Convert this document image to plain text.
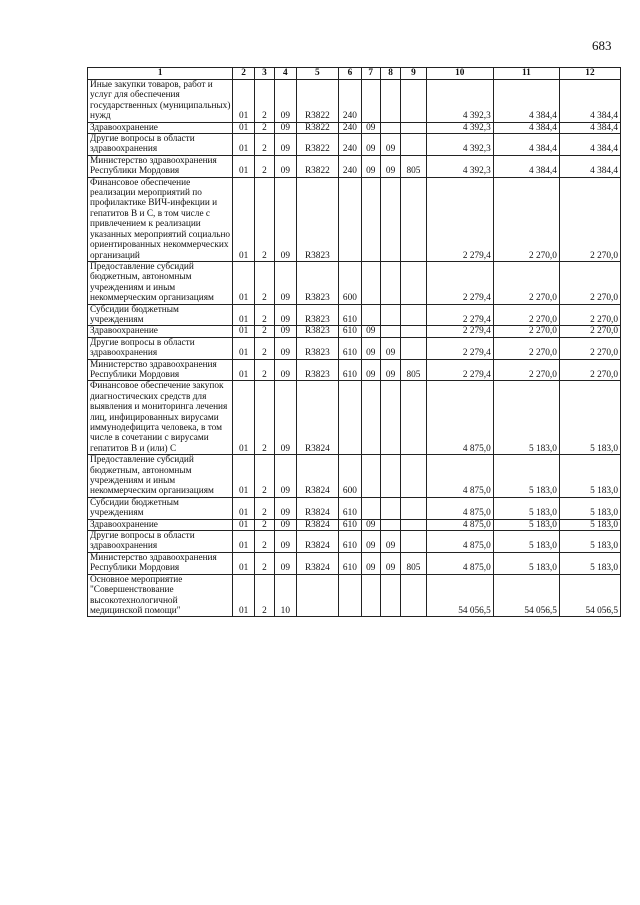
683
1	2	3	4	5	6	7	8	9	10	11	12
Иные закупки товаров, работ и услуг для обеспечения государственных (муниципальных) нужд	01	2	09	R3822	240				4 392,3	4 384,4	4 384,4
Здравоохранение	01	2	09	R3822	240	09			4 392,3	4 384,4	4 384,4
Другие вопросы в области здравоохранения	01	2	09	R3822	240	09	09		4 392,3	4 384,4	4 384,4
Министерство здравоохранения Республики Мордовия	01	2	09	R3822	240	09	09	805	4 392,3	4 384,4	4 384,4
Финансовое обеспечение реализации мероприятий по профилактике ВИЧ-инфекции и гепатитов В и С, в том числе с привлечением к реализации указанных мероприятий социально ориентированных некоммерческих организаций	01	2	09	R3823					2 279,4	2 270,0	2 270,0
Предоставление субсидий бюджетным, автономным учреждениям и иным некоммерческим организациям	01	2	09	R3823	600				2 279,4	2 270,0	2 270,0
Субсидии бюджетным учреждениям	01	2	09	R3823	610				2 279,4	2 270,0	2 270,0
Здравоохранение	01	2	09	R3823	610	09			2 279,4	2 270,0	2 270,0
Другие вопросы в области здравоохранения	01	2	09	R3823	610	09	09		2 279,4	2 270,0	2 270,0
Министерство здравоохранения Республики Мордовия	01	2	09	R3823	610	09	09	805	2 279,4	2 270,0	2 270,0
Финансовое обеспечение закупок диагностических средств для выявления и мониторинга лечения лиц, инфицированных вирусами иммунодефицита человека, в том числе в сочетании с вирусами гепатитов В и (или) С	01	2	09	R3824					4 875,0	5 183,0	5 183,0
Предоставление субсидий бюджетным, автономным учреждениям и иным некоммерческим организациям	01	2	09	R3824	600				4 875,0	5 183,0	5 183,0
Субсидии бюджетным учреждениям	01	2	09	R3824	610				4 875,0	5 183,0	5 183,0
Здравоохранение	01	2	09	R3824	610	09			4 875,0	5 183,0	5 183,0
Другие вопросы в области здравоохранения	01	2	09	R3824	610	09	09		4 875,0	5 183,0	5 183,0
Министерство здравоохранения Республики Мордовия	01	2	09	R3824	610	09	09	805	4 875,0	5 183,0	5 183,0
Основное мероприятие "Совершенствование высокотехнологичной медицинской помощи"	01	2	10						54 056,5	54 056,5	54 056,5
